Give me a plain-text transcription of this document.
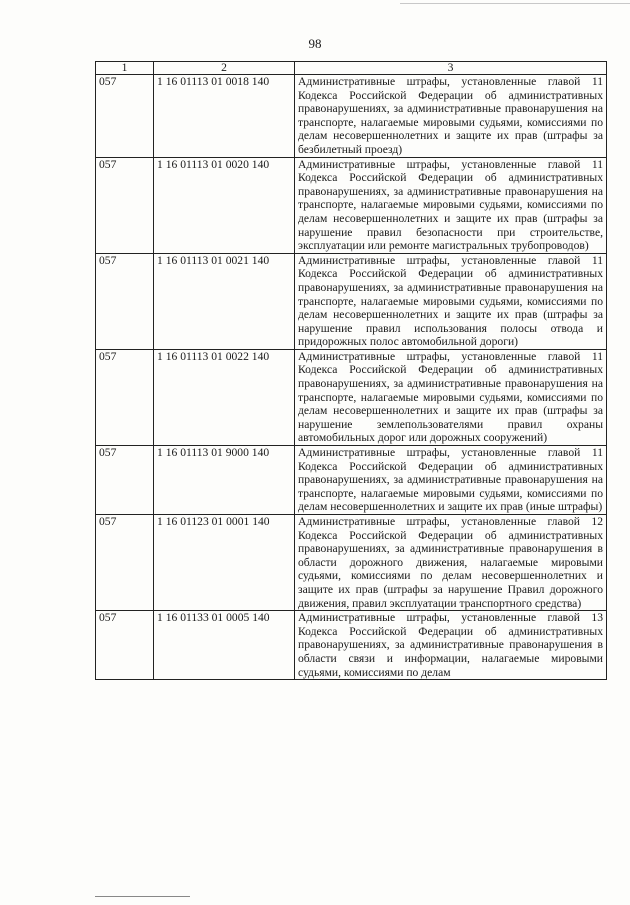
98
1	2	3
057	1 16 01113 01 0018 140	Административные штрафы, установленные главой 11 Кодекса Российской Федерации об административных правонарушениях, за административные правонарушения на транспорте, налагаемые мировыми судьями, комиссиями по делам несовершеннолетних и защите их прав (штрафы за безбилетный проезд)
057	1 16 01113 01 0020 140	Административные штрафы, установленные главой 11 Кодекса Российской Федерации об административных правонарушениях, за административные правонарушения на транспорте, налагаемые мировыми судьями, комиссиями по делам несовершеннолетних и защите их прав (штрафы за нарушение правил безопасности при строительстве, эксплуатации или ремонте магистральных трубопроводов)
057	1 16 01113 01 0021 140	Административные штрафы, установленные главой 11 Кодекса Российской Федерации об административных правонарушениях, за административные правонарушения на транспорте, налагаемые мировыми судьями, комиссиями по делам несовершеннолетних и защите их прав (штрафы за нарушение правил использования полосы отвода и придорожных полос автомобильной дороги)
057	1 16 01113 01 0022 140	Административные штрафы, установленные главой 11 Кодекса Российской Федерации об административных правонарушениях, за административные правонарушения на транспорте, налагаемые мировыми судьями, комиссиями по делам несовершеннолетних и защите их прав (штрафы за нарушение землепользователями правил охраны автомобильных дорог или дорожных сооружений)
057	1 16 01113 01 9000 140	Административные штрафы, установленные главой 11 Кодекса Российской Федерации об административных правонарушениях, за административные правонарушения на транспорте, налагаемые мировыми судьями, комиссиями по делам несовершеннолетних и защите их прав (иные штрафы)
057	1 16 01123 01 0001 140	Административные штрафы, установленные главой 12 Кодекса Российской Федерации об административных правонарушениях, за административные правонарушения в области дорожного движения, налагаемые мировыми судьями, комиссиями по делам несовершеннолетних и защите их прав (штрафы за нарушение Правил дорожного движения, правил эксплуатации транспортного средства)
057	1 16 01133 01 0005 140	Административные штрафы, установленные главой 13 Кодекса Российской Федерации об административных правонарушениях, за административные правонарушения в области связи и информации, налагаемые мировыми судьями, комиссиями по делам
